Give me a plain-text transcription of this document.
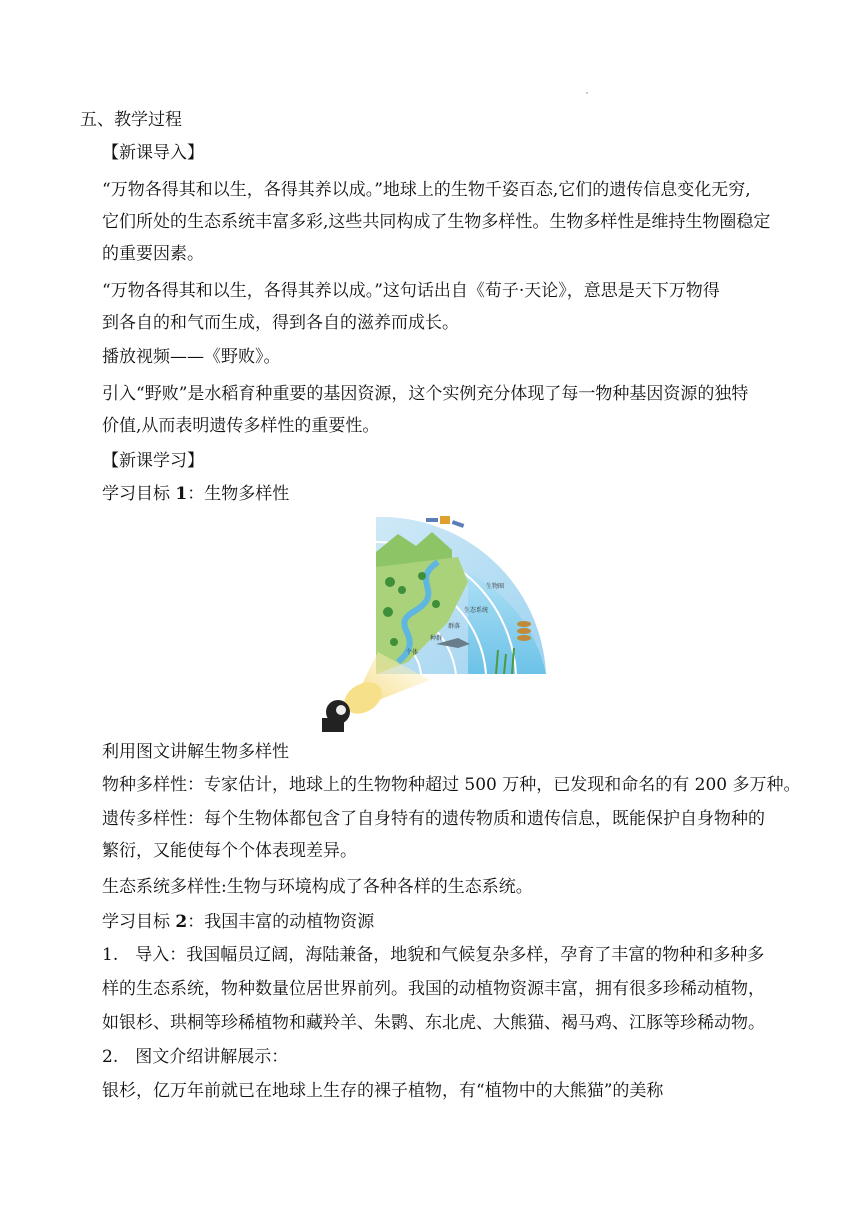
五、教学过程
【新课导入】
“万物各得其和以生，各得其养以成。”地球上的生物千姿百态,它们的遗传信息变化无穷,
它们所处的生态系统丰富多彩,这些共同构成了生物多样性。生物多样性是维持生物圈稳定
的重要因素。
“万物各得其和以生，各得其养以成。”这句话出自《荀子·天论》，意思是天下万物得
到各自的和气而生成，得到各自的滋养而成长。
播放视频——《野败》。
引入“野败”是水稻育种重要的基因资源，这个实例充分体现了每一物种基因资源的独特
价值,从而表明遗传多样性的重要性。
【新课学习】
学习目标 1：生物多样性
生物圈
生态系统
群落
种群
个体
利用图文讲解生物多样性
物种多样性：专家估计，地球上的生物物种超过 500 万种，已发现和命名的有 200 多万种。
遗传多样性：每个生物体都包含了自身特有的遗传物质和遗传信息，既能保护自身物种的
繁衍，又能使每个个体表现差异。
生态系统多样性:生物与环境构成了各种各样的生态系统。
学习目标 2：我国丰富的动植物资源
1.　导入：我国幅员辽阔，海陆兼备，地貌和气候复杂多样，孕育了丰富的物种和多种多
样的生态系统，物种数量位居世界前列。我国的动植物资源丰富，拥有很多珍稀动植物，
如银杉、珙桐等珍稀植物和藏羚羊、朱鹮、东北虎、大熊猫、褐马鸡、江豚等珍稀动物。
2.　图文介绍讲解展示：
银杉，亿万年前就已在地球上生存的裸子植物，有“植物中的大熊猫”的美称
